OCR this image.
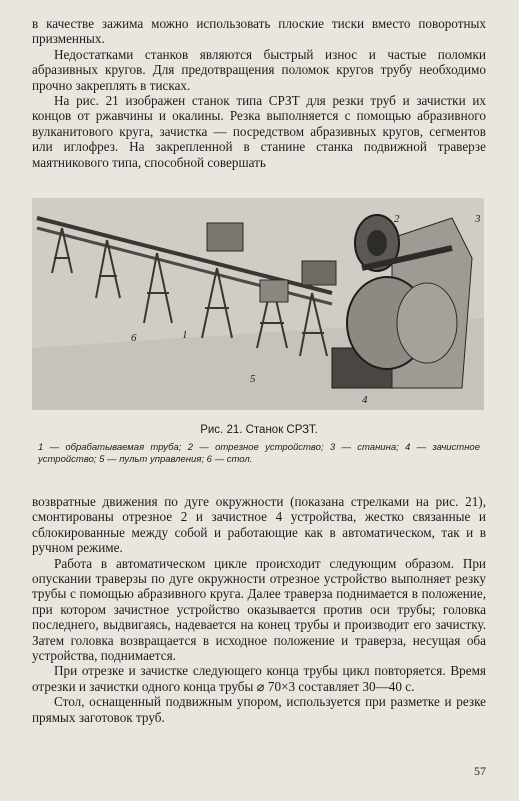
в качестве зажима можно использовать плоские тиски вместо поворотных призменных.

Недостатками станков являются быстрый износ и частые поломки абразивных кругов. Для предотвращения поломок кругов трубу необходимо прочно закреплять в тисках.

На рис. 21 изображен станок типа СРЗТ для резки труб и зачистки их концов от ржавчины и окалины. Резка выполняется с помощью абразивного вулканитового круга, зачистка — посредством абразивных кругов, сегментов или иглофрез. На закрепленной в станине станка подвижной траверзе маятникового типа, способной совершать

1
2	3
4
5
6
Рис. 21. Станок СРЗТ.
1 — обрабатываемая труба; 2 — отрезное устройство; 3 — станина; 4 — зачистное устройство; 5 — пульт управления; 6 — стол.

возвратные движения по дуге окружности (показана стрелками на рис. 21), смонтированы отрезное 2 и зачистное 4 устройства, жестко связанные и сблокированные между собой и работающие как в автоматическом, так и в ручном режиме.

Работа в автоматическом цикле происходит следующим образом. При опускании траверзы по дуге окружности отрезное устройство выполняет резку трубы с помощью абразивного круга. Далее траверза поднимается в положение, при котором зачистное устройство оказывается против оси трубы; головка последнего, выдвигаясь, надевается на конец трубы и производит его зачистку. Затем головка возвращается в исходное положение и траверза, несущая оба устройства, поднимается.

При отрезке и зачистке следующего конца трубы цикл повторяется. Время отрезки и зачистки одного конца трубы ⌀ 70×3 составляет 30—40 с.

Стол, оснащенный подвижным упором, используется при разметке и резке прямых заготовок труб.

57
